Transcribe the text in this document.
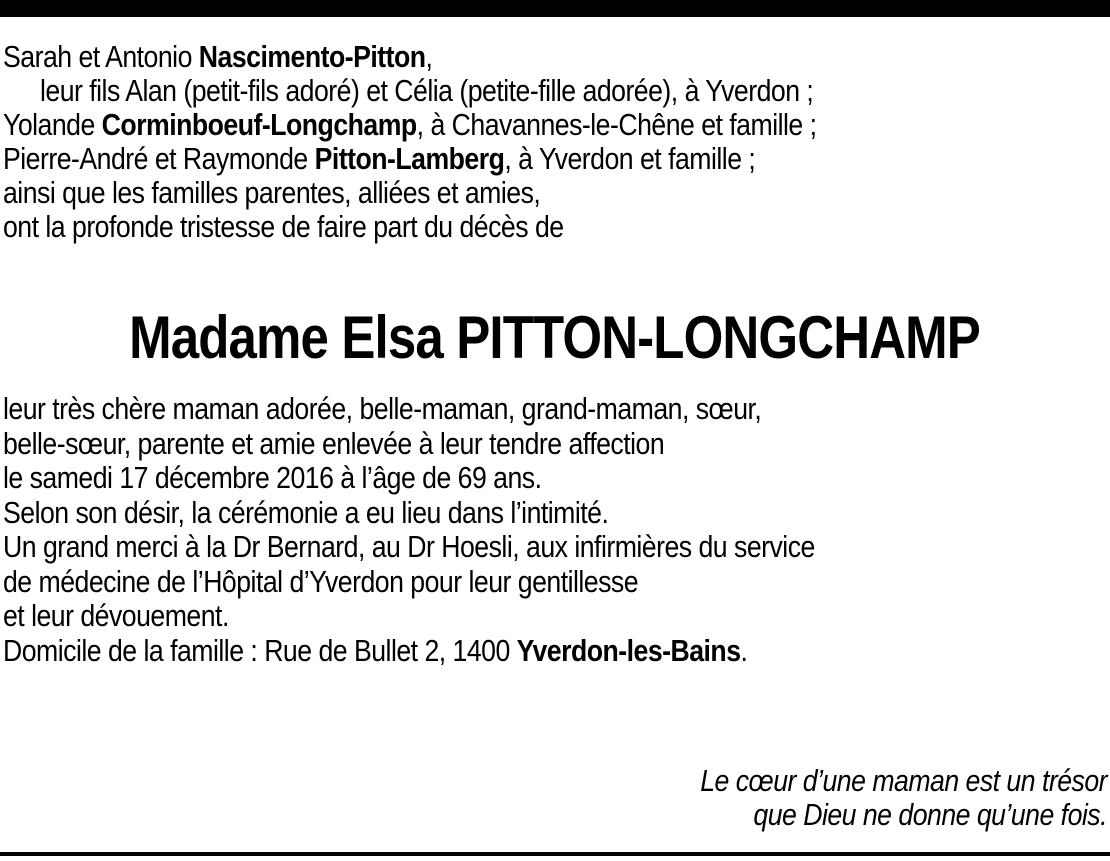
Sarah et Antonio Nascimento-Pitton,
leur fils Alan (petit-fils adoré) et Célia (petite-fille adorée), à Yverdon ;
Yolande Corminboeuf-Longchamp, à Chavannes-le-Chêne et famille ;
Pierre-André et Raymonde Pitton-Lamberg, à Yverdon et famille ;
ainsi que les familles parentes, alliées et amies,
ont la profonde tristesse de faire part du décès de
Madame Elsa PITTON-LONGCHAMP
leur très chère maman adorée, belle-maman, grand-maman, sœur,
belle-sœur, parente et amie enlevée à leur tendre affection
le samedi 17 décembre 2016 à l’âge de 69 ans.
Selon son désir, la cérémonie a eu lieu dans l’intimité.
Un grand merci à la Dr Bernard, au Dr Hoesli, aux infirmières du service
de médecine de l’Hôpital d’Yverdon pour leur gentillesse
et leur dévouement.
Domicile de la famille : Rue de Bullet 2, 1400 Yverdon-les-Bains.
Le cœur d’une maman est un trésor
que Dieu ne donne qu’une fois.
